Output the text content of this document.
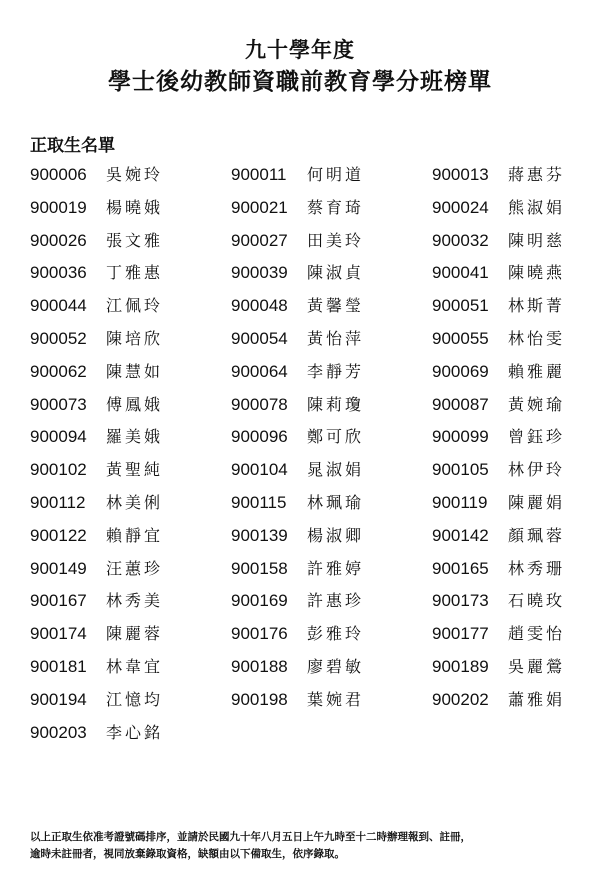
九十學年度
學士後幼教師資職前教育學分班榜單
正取生名單
900006 吳婉玲	900011 何明道	900013 蔣惠芬
900019 楊曉娥	900021 蔡育琦	900024 熊淑娟
900026 張文雅	900027 田美玲	900032 陳明慈
900036 丁雅惠	900039 陳淑貞	900041 陳曉燕
900044 江佩玲	900048 黃馨瑩	900051 林斯菁
900052 陳培欣	900054 黃怡萍	900055 林怡雯
900062 陳慧如	900064 李靜芳	900069 賴雅麗
900073 傅鳳娥	900078 陳莉瓊	900087 黃婉瑜
900094 羅美娥	900096 鄭可欣	900099 曾鈺珍
900102 黃聖純	900104 晁淑娟	900105 林伊玲
900112 林美俐	900115 林珮瑜	900119 陳麗娟
900122 賴靜宜	900139 楊淑卿	900142 顏珮蓉
900149 汪蕙珍	900158 許雅婷	900165 林秀珊
900167 林秀美	900169 許惠珍	900173 石曉玫
900174 陳麗蓉	900176 彭雅玲	900177 趙雯怡
900181 林韋宜	900188 廖碧敏	900189 吳麗鶯
900194 江憶均	900198 葉婉君	900202 蕭雅娟
900203 李心銘
以上正取生依准考證號碼排序，並請於民國九十年八月五日上午九時至十二時辦理報到、註冊，
逾時未註冊者，視同放棄錄取資格，缺額由以下備取生，依序錄取。
